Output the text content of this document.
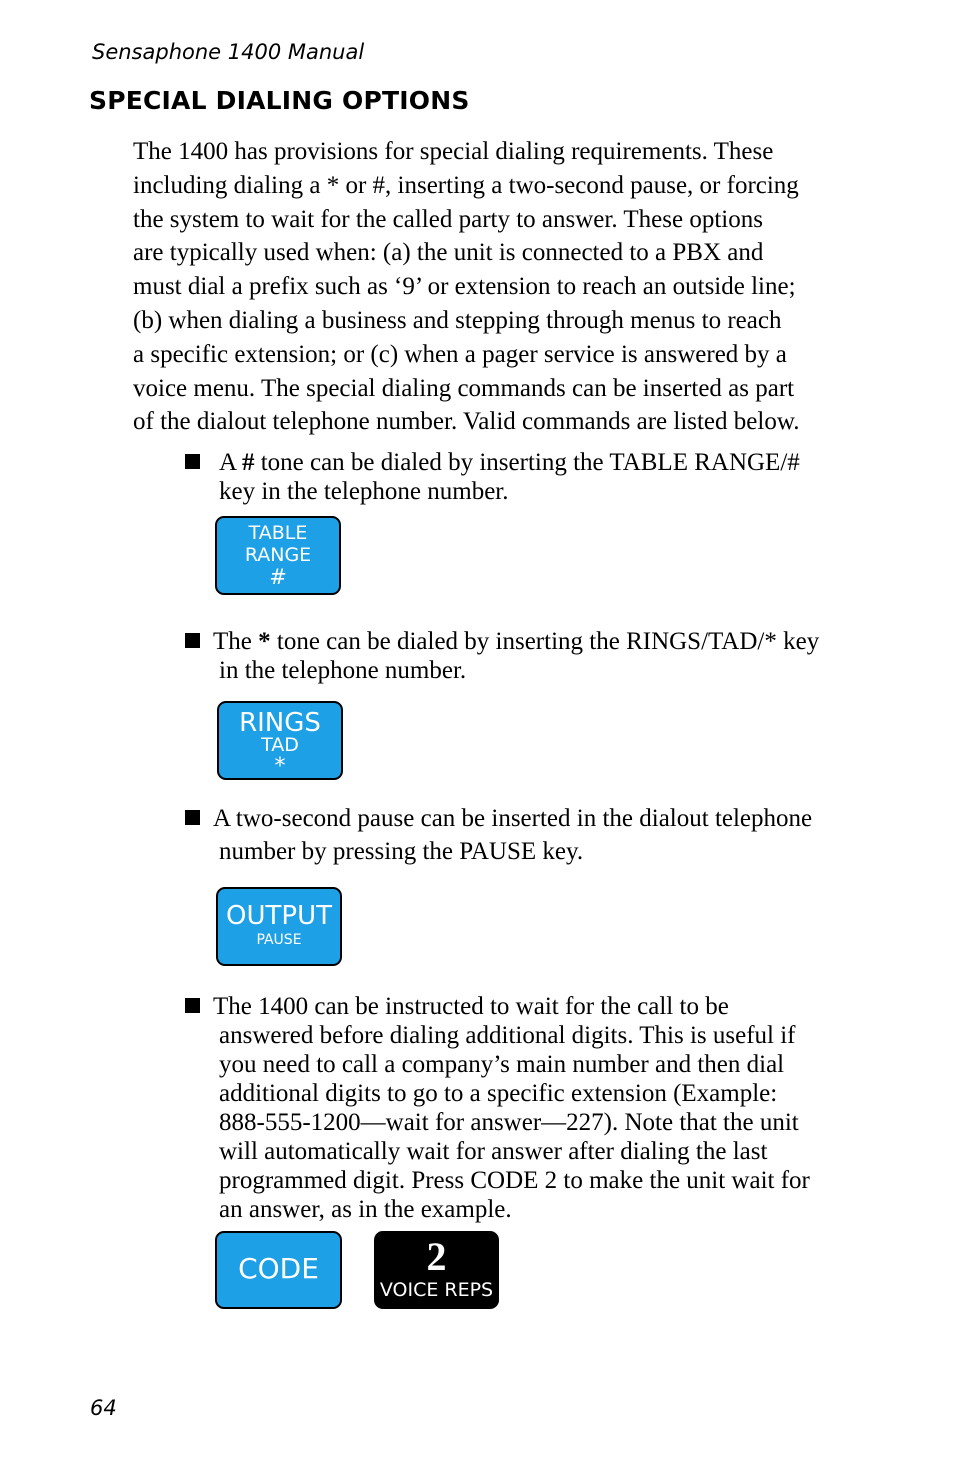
Sensaphone 1400 Manual
SPECIAL DIALING OPTIONS
The 1400 has provisions for special dialing requirements. These
including dialing a * or #, inserting a two-second pause, or forcing
the system to wait for the called party to answer. These options
are typically used when: (a) the unit is connected to a PBX and
must dial a prefix such as ‘9’ or extension to reach an outside line;
(b) when dialing a business and stepping through menus to reach
a specific extension; or (c) when a pager service is answered by a
voice menu. The special dialing commands can be inserted as part
of the dialout telephone number. Valid commands are listed below.
A # tone can be dialed by inserting the TABLE RANGE/#
key in the telephone number.
TABLE
RANGE
#
The * tone can be dialed by inserting the RINGS/TAD/* key
in the telephone number.
RINGS
TAD
*
A two-second pause can be inserted in the dialout telephone
number by pressing the PAUSE key.
OUTPUT
PAUSE
The 1400 can be instructed to wait for the call to be
answered before dialing additional digits. This is useful if
you need to call a company’s main number and then dial
additional digits to go to a specific extension (Example:
888-555-1200—wait for answer—227). Note that the unit
will automatically wait for answer after dialing the last
programmed digit. Press CODE 2 to make the unit wait for
an answer, as in the example.
CODE	2
VOICE REPS
64
